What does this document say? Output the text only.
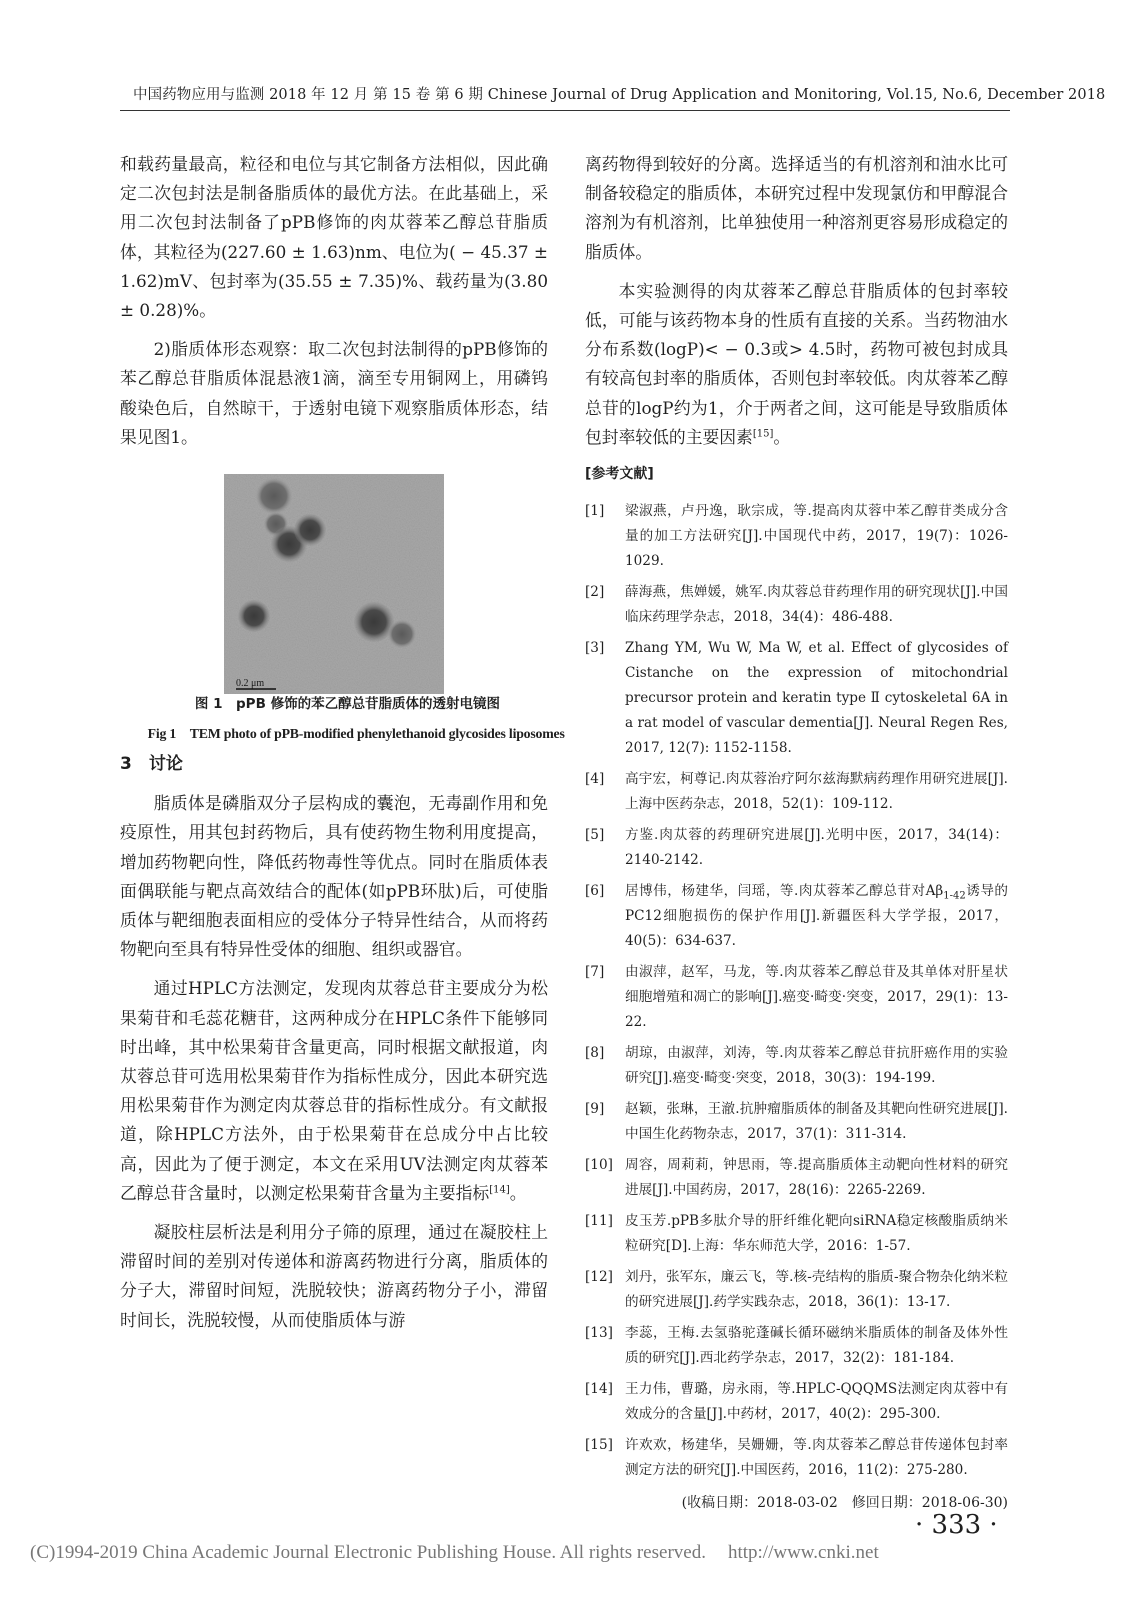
中国药物应用与监测 2018 年 12 月 第 15 卷 第 6 期 Chinese Journal of Drug Application and Monitoring, Vol.15, No.6, December 2018

和载药量最高，粒径和电位与其它制备方法相似，因此确定二次包封法是制备脂质体的最优方法。在此基础上，采用二次包封法制备了pPB修饰的肉苁蓉苯乙醇总苷脂质体，其粒径为(227.60 ± 1.63)nm、电位为( − 45.37 ± 1.62)mV、包封率为(35.55 ± 7.35)%、载药量为(3.80 ± 0.28)%。

2)脂质体形态观察：取二次包封法制得的pPB修饰的苯乙醇总苷脂质体混悬液1滴，滴至专用铜网上，用磷钨酸染色后，自然晾干，于透射电镜下观察脂质体形态，结果见图1。

0.2 μm

图 1　pPB 修饰的苯乙醇总苷脂质体的透射电镜图

Fig 1　TEM photo of pPB-modified phenylethanoid glycosides liposomes

3　讨论

脂质体是磷脂双分子层构成的囊泡，无毒副作用和免疫原性，用其包封药物后，具有使药物生物利用度提高，增加药物靶向性，降低药物毒性等优点。同时在脂质体表面偶联能与靶点高效结合的配体(如pPB环肽)后，可使脂质体与靶细胞表面相应的受体分子特异性结合，从而将药物靶向至具有特异性受体的细胞、组织或器官。

通过HPLC方法测定，发现肉苁蓉总苷主要成分为松果菊苷和毛蕊花糖苷，这两种成分在HPLC条件下能够同时出峰，其中松果菊苷含量更高，同时根据文献报道，肉苁蓉总苷可选用松果菊苷作为指标性成分，因此本研究选用松果菊苷作为测定肉苁蓉总苷的指标性成分。有文献报道，除HPLC方法外，由于松果菊苷在总成分中占比较高，因此为了便于测定，本文在采用UV法测定肉苁蓉苯乙醇总苷含量时，以测定松果菊苷含量为主要指标[14]。

凝胶柱层析法是利用分子筛的原理，通过在凝胶柱上滞留时间的差别对传递体和游离药物进行分离，脂质体的分子大，滞留时间短，洗脱较快；游离药物分子小，滞留时间长，洗脱较慢，从而使脂质体与游

离药物得到较好的分离。选择适当的有机溶剂和油水比可制备较稳定的脂质体，本研究过程中发现氯仿和甲醇混合溶剂为有机溶剂，比单独使用一种溶剂更容易形成稳定的脂质体。

本实验测得的肉苁蓉苯乙醇总苷脂质体的包封率较低，可能与该药物本身的性质有直接的关系。当药物油水分布系数(logP)< − 0.3或> 4.5时，药物可被包封成具有较高包封率的脂质体，否则包封率较低。肉苁蓉苯乙醇总苷的logP约为1，介于两者之间，这可能是导致脂质体包封率较低的主要因素[15]。

[参考文献]
[1]	梁淑燕，卢丹逸，耿宗成，等.提高肉苁蓉中苯乙醇苷类成分含量的加工方法研究[J].中国现代中药，2017，19(7)：1026-1029.
[2]	薛海燕，焦婵媛，姚军.肉苁蓉总苷药理作用的研究现状[J].中国临床药理学杂志，2018，34(4)：486-488.
[3]	Zhang YM, Wu W, Ma W, et al. Effect of glycosides of Cistanche on the expression of mitochondrial precursor protein and keratin type Ⅱ cytoskeletal 6A in a rat model of vascular dementia[J]. Neural Regen Res, 2017, 12(7): 1152-1158.
[4]	高宇宏，柯尊记.肉苁蓉治疗阿尔兹海默病药理作用研究进展[J].上海中医药杂志，2018，52(1)：109-112.
[5]	方鉴.肉苁蓉的药理研究进展[J].光明中医，2017，34(14)：2140-2142.
[6]	居博伟，杨建华，闫瑶，等.肉苁蓉苯乙醇总苷对$A\beta_{1-42}$诱导的PC12细胞损伤的保护作用[J].新疆医科大学学报，2017，40(5)：634-637.
[7]	由淑萍，赵军，马龙，等.肉苁蓉苯乙醇总苷及其单体对肝星状细胞增殖和凋亡的影响[J].癌变·畸变·突变，2017，29(1)：13-22.
[8]	胡琼，由淑萍，刘涛，等.肉苁蓉苯乙醇总苷抗肝癌作用的实验研究[J].癌变·畸变·突变，2018，30(3)：194-199.
[9]	赵颖，张琳，王澈.抗肿瘤脂质体的制备及其靶向性研究进展[J].中国生化药物杂志，2017，37(1)：311-314.
[10] 周容，周莉莉，钟思雨，等.提高脂质体主动靶向性材料的研究进展[J].中国药房，2017，28(16)：2265-2269.
[11] 皮玉芳.pPB多肽介导的肝纤维化靶向siRNA稳定核酸脂质纳米粒研究[D].上海：华东师范大学，2016：1-57.
[12] 刘丹，张军东，廉云飞，等.核-壳结构的脂质-聚合物杂化纳米粒的研究进展[J].药学实践杂志，2018，36(1)：13-17.
[13] 李蕊，王梅.去氢骆驼蓬碱长循环磁纳米脂质体的制备及体外性质的研究[J].西北药学杂志，2017，32(2)：181-184.
[14] 王力伟，曹璐，房永雨，等.HPLC-QQQMS法测定肉苁蓉中有效成分的含量[J].中药材，2017，40(2)：295-300.
[15] 许欢欢，杨建华，吴姗姗，等.肉苁蓉苯乙醇总苷传递体包封率测定方法的研究[J].中国医药，2016，11(2)：275-280.
(收稿日期：2018-03-02　修回日期：2018-06-30)
· 333 ·
(C)1994-2019 China Academic Journal Electronic Publishing House. All rights reserved. http://www.cnki.net
